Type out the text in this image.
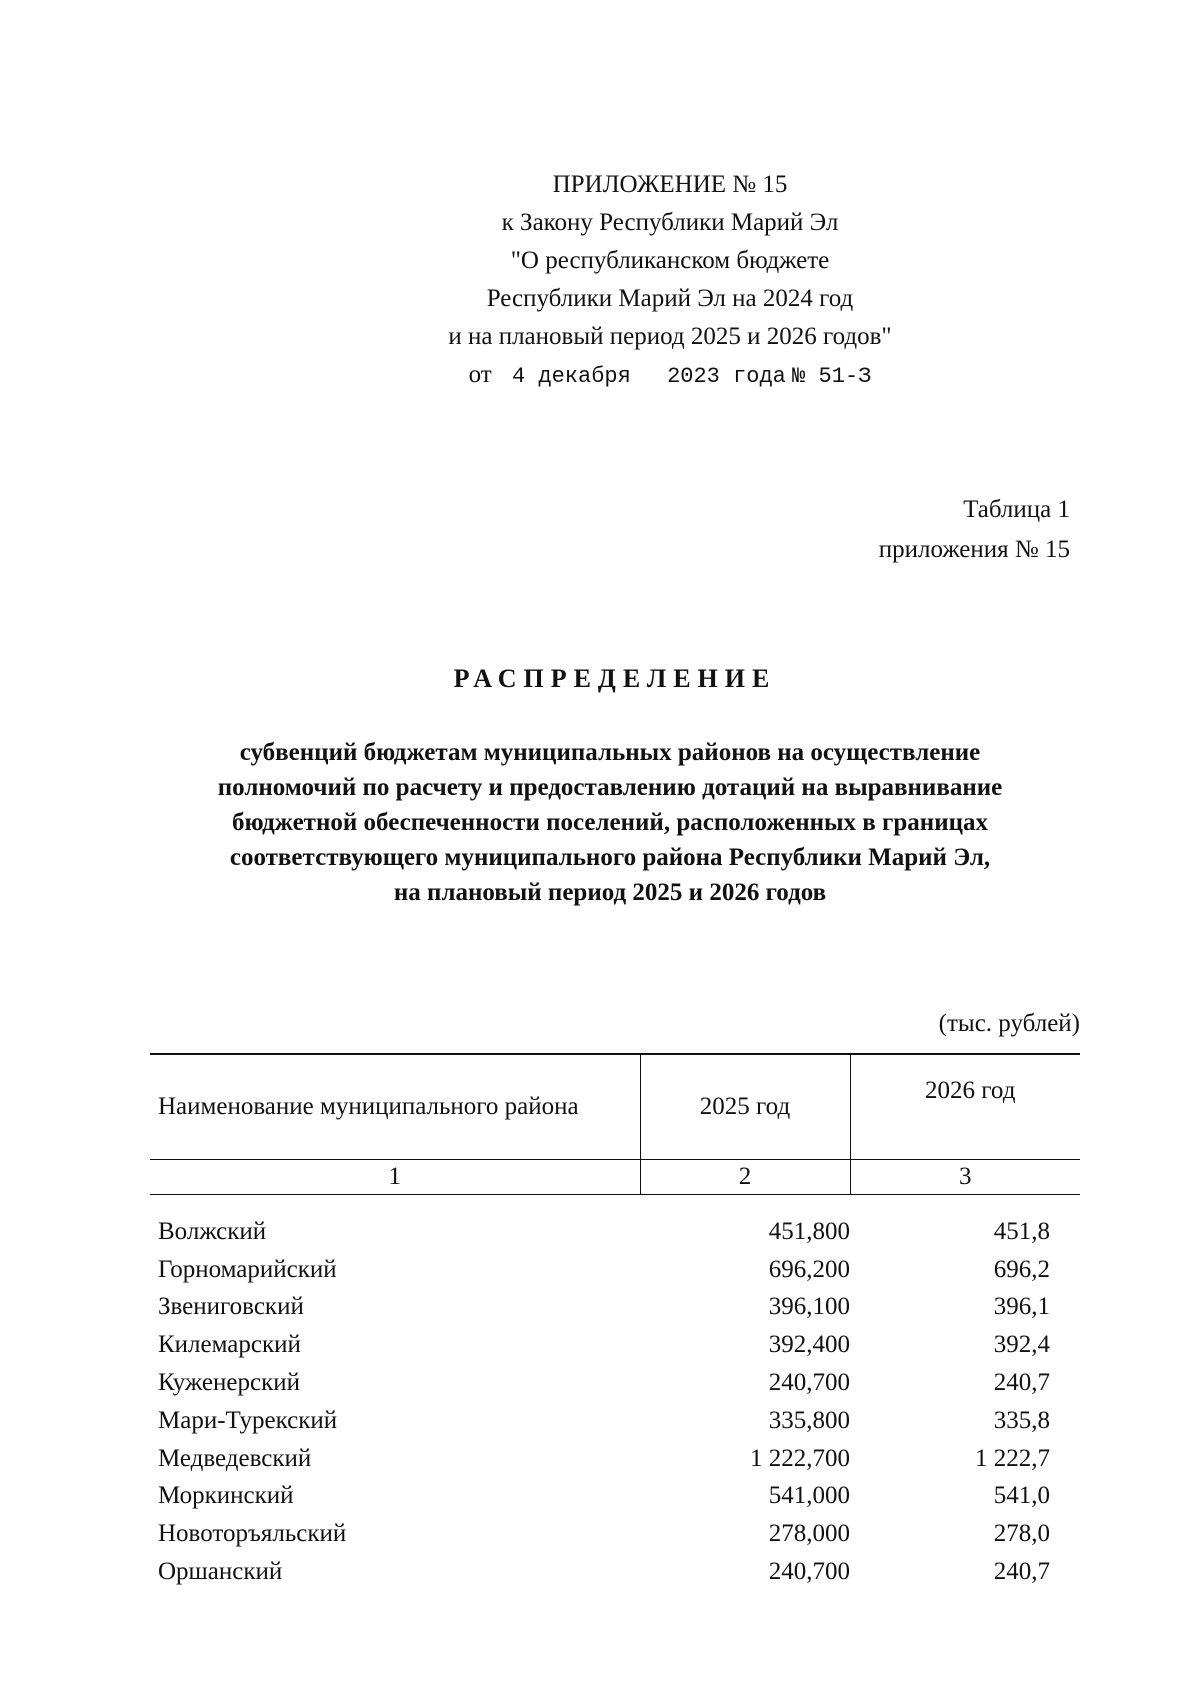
ПРИЛОЖЕНИЕ № 15
к Закону Республики Марий Эл
"О республиканском бюджете
Республики Марий Эл на 2024 год
и на плановый период 2025 и 2026 годов"
от 4 декабря 2023 года № 51-З
Таблица 1
приложения № 15
РАСПРЕДЕЛЕНИЕ
субвенций бюджетам муниципальных районов на осуществление
полномочий по расчету и предоставлению дотаций на выравнивание
бюджетной обеспеченности поселений, расположенных в границах
соответствующего муниципального района Республики Марий Эл,
на плановый период 2025 и 2026 годов
(тыс. рублей)
Наименование муниципального района	2025 год	2026 год
1	2	3

Волжский	451,800	451,8
Горномарийский	696,200	696,2
Звениговский	396,100	396,1
Килемарский	392,400	392,4
Куженерский	240,700	240,7
Мари-Турекский	335,800	335,8
Медведевский	1 222,700	1 222,7
Моркинский	541,000	541,0
Новоторъяльский	278,000	278,0
Оршанский	240,700	240,7
